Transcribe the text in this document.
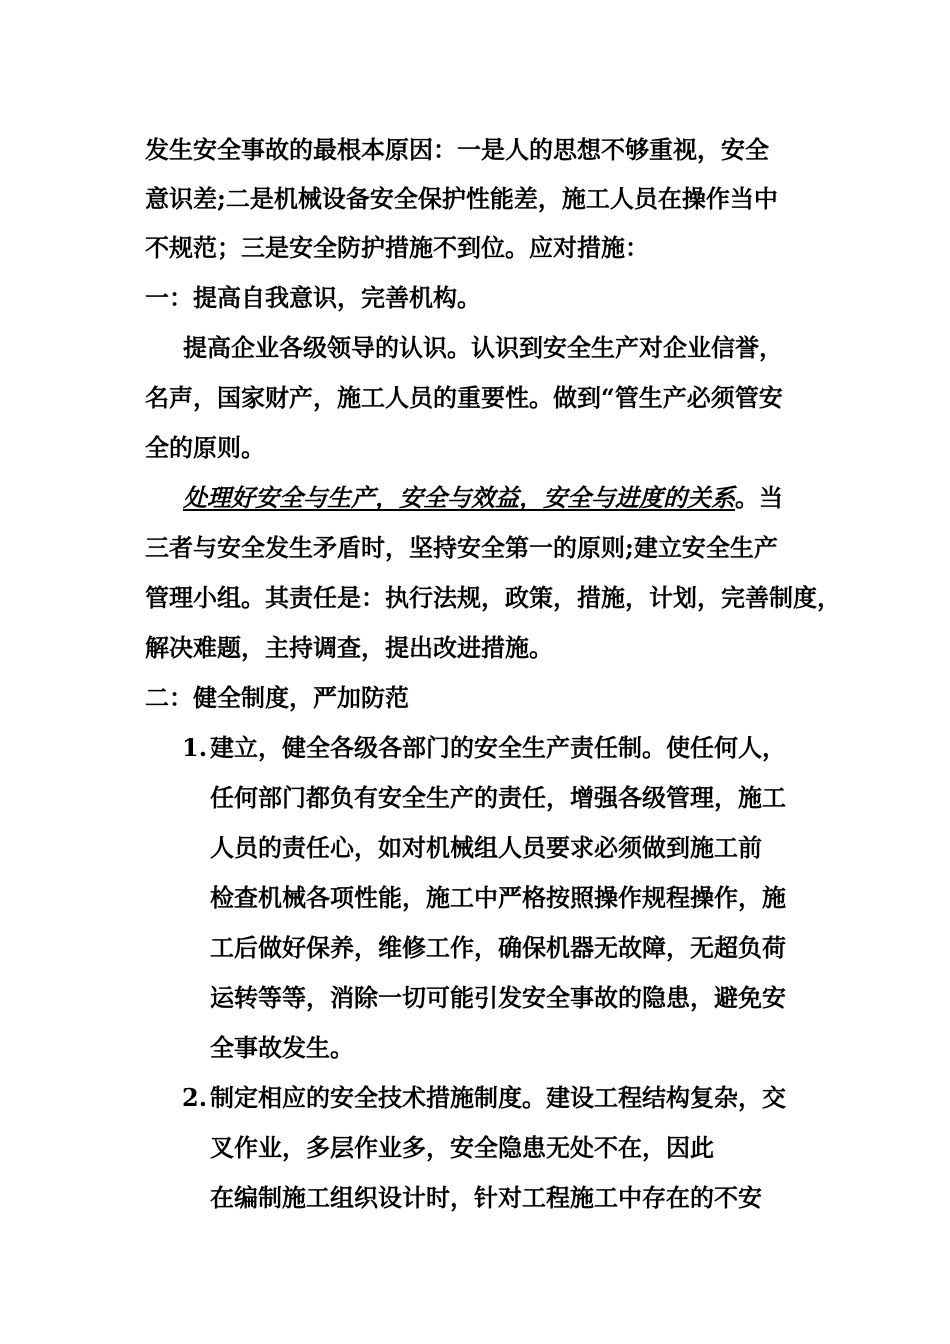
发生安全事故的最根本原因：一是人的思想不够重视，安全
意识差;二是机械设备安全保护性能差，施工人员在操作当中
不规范；三是安全防护措施不到位。应对措施：
一：提高自我意识，完善机构。
提高企业各级领导的认识。认识到安全生产对企业信誉，
名声，国家财产，施工人员的重要性。做到“管生产必须管安
全的原则。
处理好安全与生产，安全与效益，安全与进度的关系。当
三者与安全发生矛盾时，坚持安全第一的原则;建立安全生产
管理小组。其责任是：执行法规，政策，措施，计划，完善制度，
解决难题，主持调查，提出改进措施。
二：健全制度，严加防范
1. 建立，健全各级各部门的安全生产责任制。使任何人，
任何部门都负有安全生产的责任，增强各级管理，施工
人员的责任心，如对机械组人员要求必须做到施工前
检查机械各项性能，施工中严格按照操作规程操作，施
工后做好保养，维修工作，确保机器无故障，无超负荷
运转等等，消除一切可能引发安全事故的隐患，避免安
全事故发生。
2. 制定相应的安全技术措施制度。建设工程结构复杂，交
叉作业，多层作业多，安全隐患无处不在，因此
在编制施工组织设计时，针对工程施工中存在的不安
